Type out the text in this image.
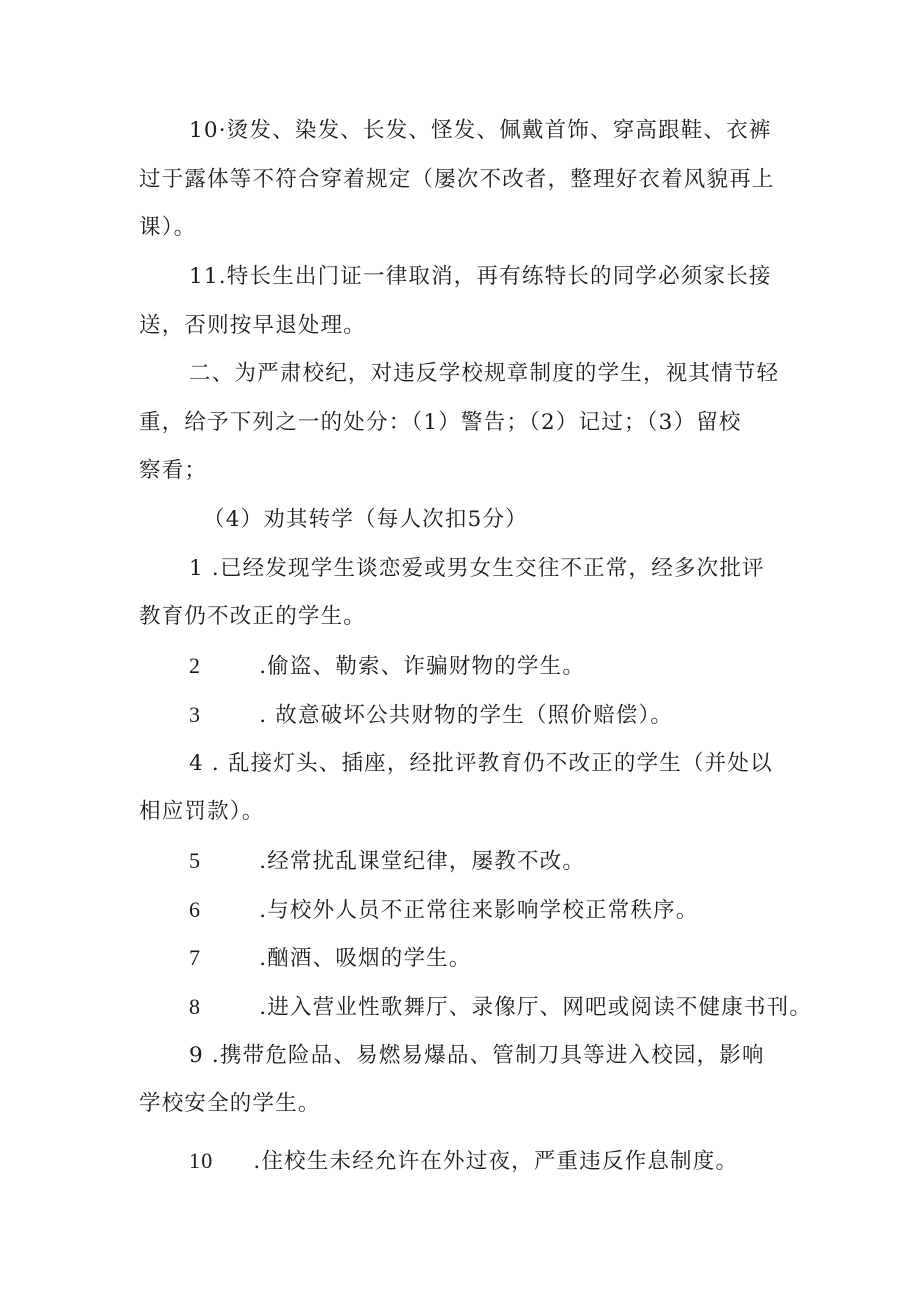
10·烫发、染发、长发、怪发、佩戴首饰、穿高跟鞋、衣裤
过于露体等不符合穿着规定（屡次不改者，整理好衣着风貌再上
课）。
11.特长生出门证一律取消，再有练特长的同学必须家长接
送，否则按早退处理。
二、为严肃校纪，对违反学校规章制度的学生，视其情节轻
重，给予下列之一的处分：（1）警告；（2）记过；（3）留校
察看；
（4）劝其转学（每人次扣5分）
1 .已经发现学生谈恋爱或男女生交往不正常，经多次批评
教育仍不改正的学生。
2	.偷盗、勒索、诈骗财物的学生。
3	. 故意破坏公共财物的学生（照价赔偿）。
4 . 乱接灯头、插座，经批评教育仍不改正的学生（并处以
相应罚款）。
5	.经常扰乱课堂纪律，屡教不改。
6	.与校外人员不正常往来影响学校正常秩序。
7	.酗酒、吸烟的学生。
8	.进入营业性歌舞厅、录像厅、网吧或阅读不健康书刊。
9 .携带危险品、易燃易爆品、管制刀具等进入校园，影响
学校安全的学生。
10 .住校生未经允许在外过夜，严重违反作息制度。
